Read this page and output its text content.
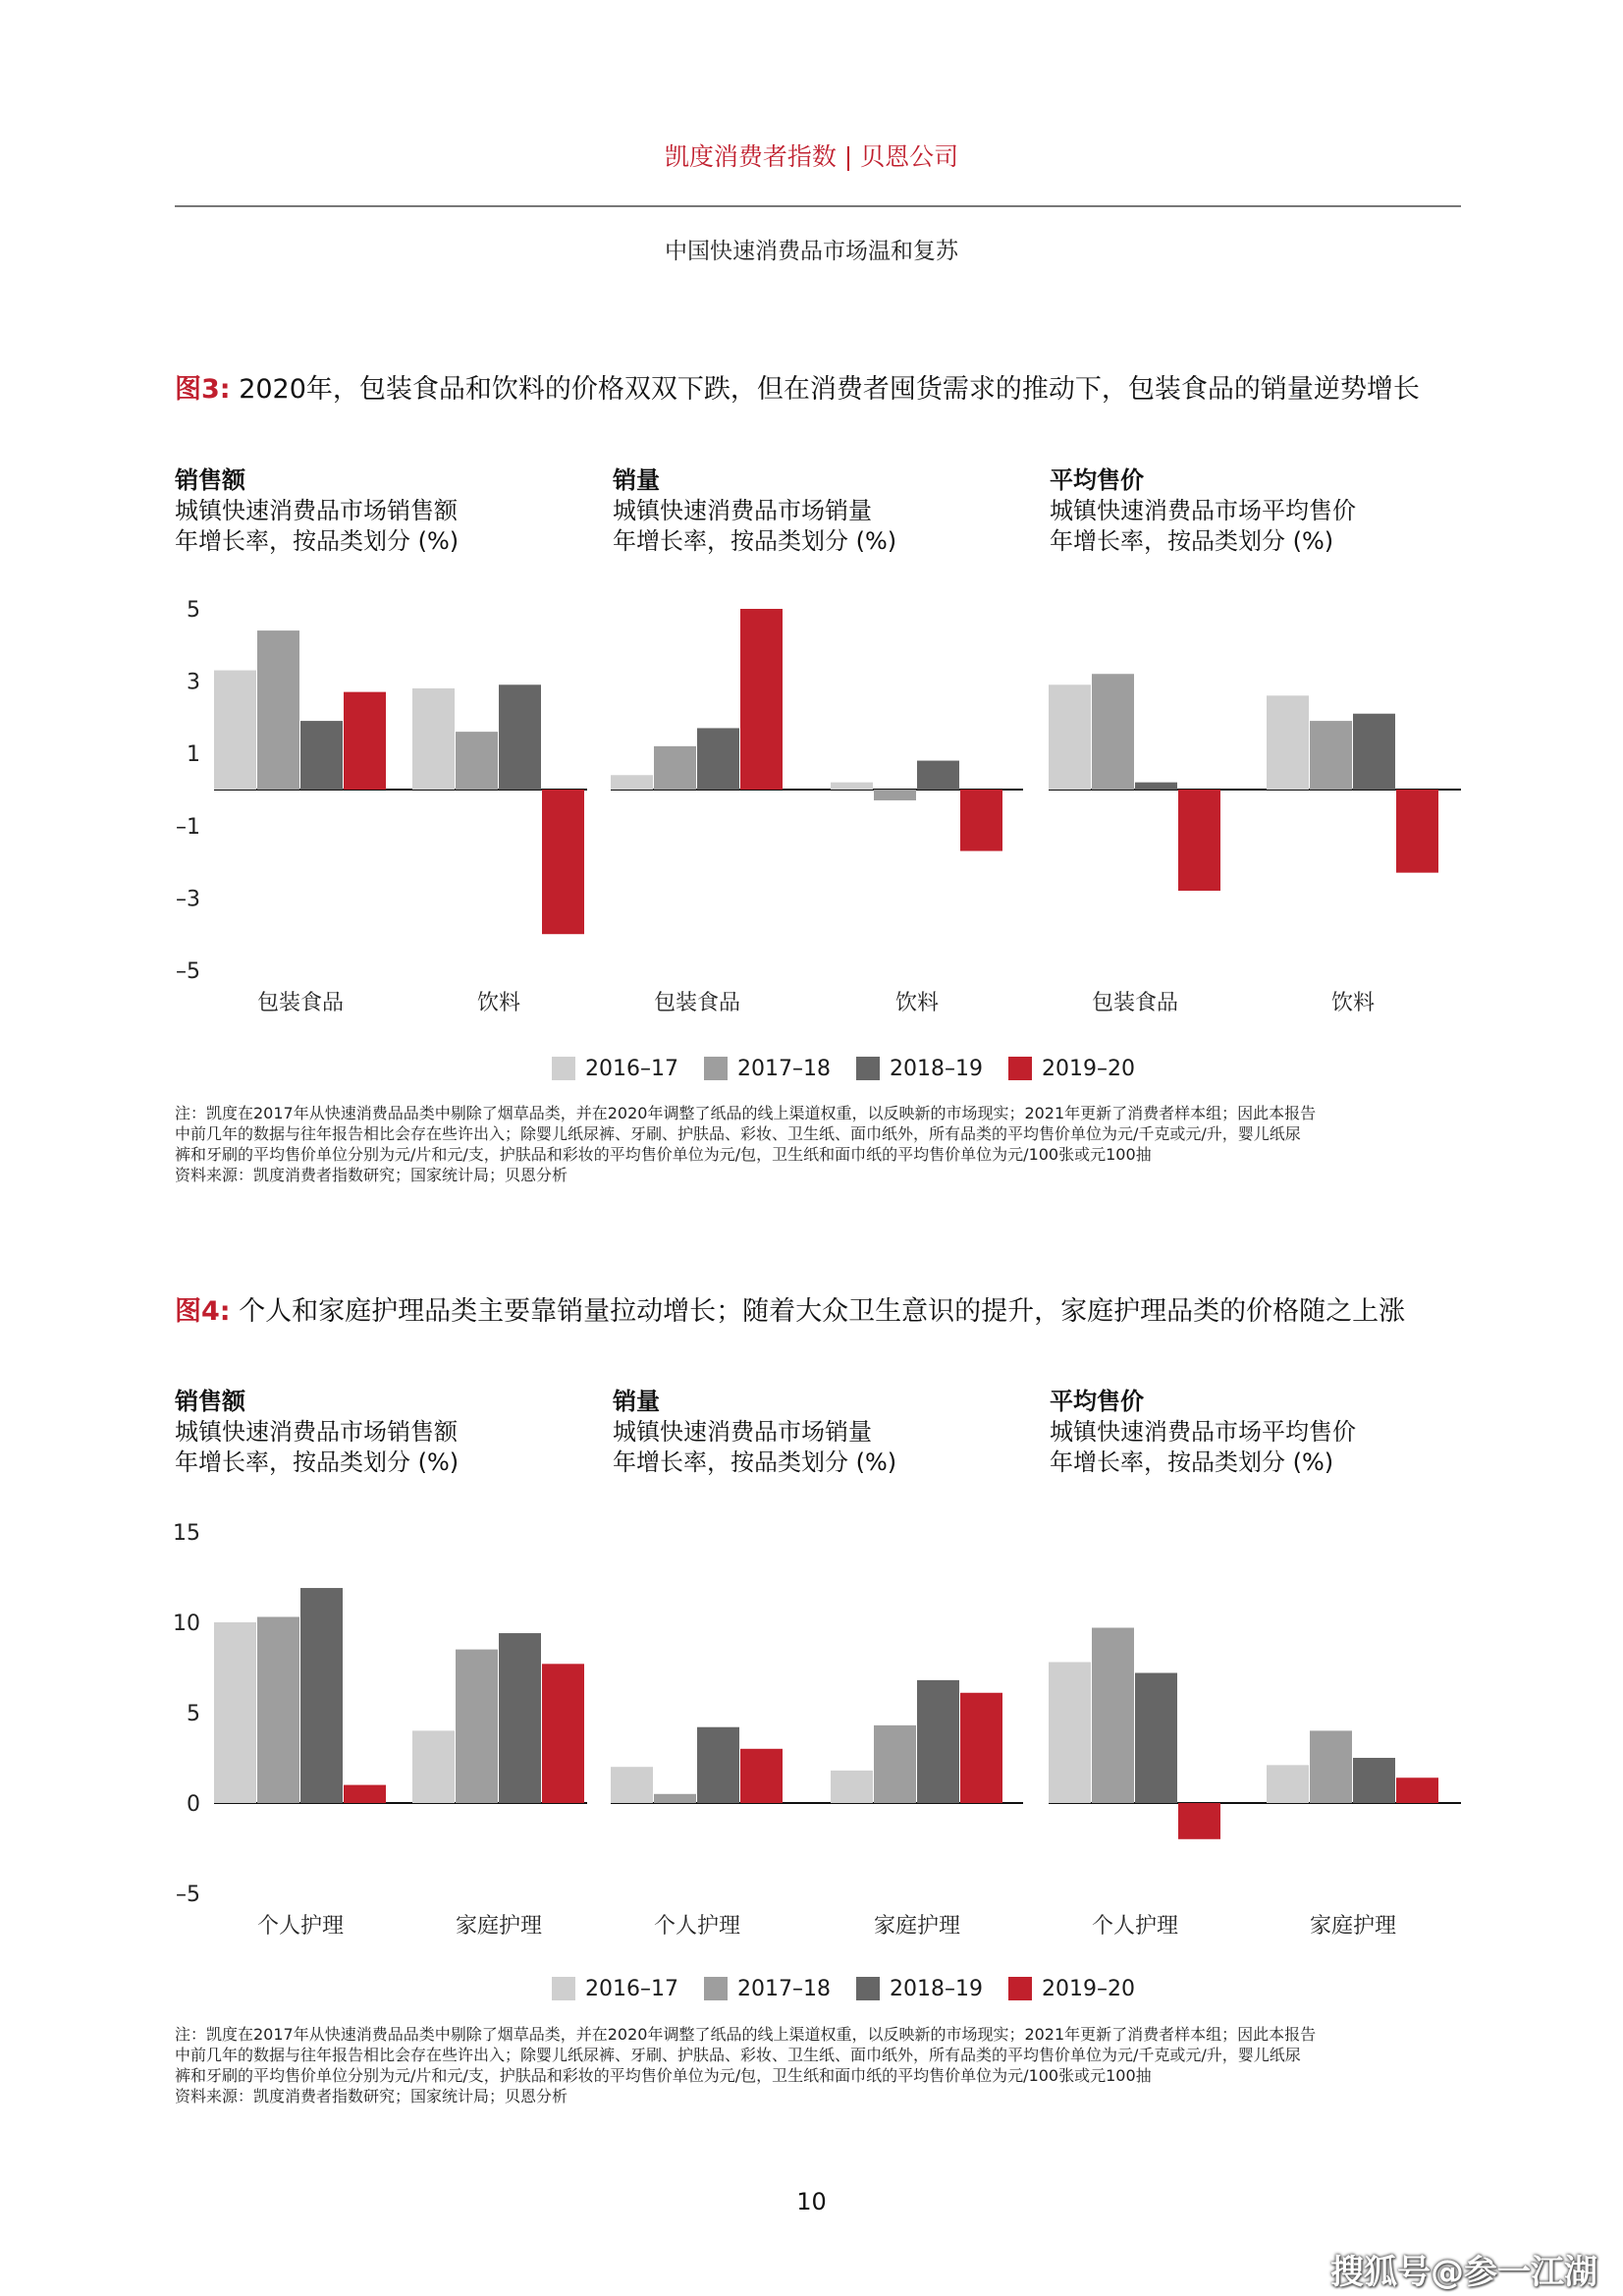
凯度消费者指数 | 贝恩公司
中国快速消费品市场温和复苏
图3: 2020年，包装食品和饮料的价格双双下跌，但在消费者囤货需求的推动下，包装食品的销量逆势增长
销售额
城镇快速消费品市场销售额
年增长率，按品类划分 (%)
销量
城镇快速消费品市场销量
年增长率，按品类划分 (%)
平均售价
城镇快速消费品市场平均售价
年增长率，按品类划分 (%)
5
3
1
–1
–3
–5
包装食品	饮料	包装食品	饮料	包装食品	饮料
2016–17	2017–18	2018–19	2019–20
注：凯度在2017年从快速消费品品类中剔除了烟草品类，并在2020年调整了纸品的线上渠道权重，以反映新的市场现实；2021年更新了消费者样本组；因此本报告
中前几年的数据与往年报告相比会存在些许出入；除婴儿纸尿裤、牙刷、护肤品、彩妆、卫生纸、面巾纸外，所有品类的平均售价单位为元/千克或元/升，婴儿纸尿
裤和牙刷的平均售价单位分别为元/片和元/支，护肤品和彩妆的平均售价单位为元/包，卫生纸和面巾纸的平均售价单位为元/100张或元100抽
资料来源：凯度消费者指数研究；国家统计局；贝恩分析
图4: 个人和家庭护理品类主要靠销量拉动增长；随着大众卫生意识的提升，家庭护理品类的价格随之上涨
销售额
城镇快速消费品市场销售额
年增长率，按品类划分 (%)
销量
城镇快速消费品市场销量
年增长率，按品类划分 (%)
平均售价
城镇快速消费品市场平均售价
年增长率，按品类划分 (%)
15
10
5
0
–5
个人护理	家庭护理	个人护理	家庭护理	个人护理	家庭护理
2016–17	2017–18	2018–19	2019–20
注：凯度在2017年从快速消费品品类中剔除了烟草品类，并在2020年调整了纸品的线上渠道权重，以反映新的市场现实；2021年更新了消费者样本组；因此本报告
中前几年的数据与往年报告相比会存在些许出入；除婴儿纸尿裤、牙刷、护肤品、彩妆、卫生纸、面巾纸外，所有品类的平均售价单位为元/千克或元/升，婴儿纸尿
裤和牙刷的平均售价单位分别为元/片和元/支，护肤品和彩妆的平均售价单位为元/包，卫生纸和面巾纸的平均售价单位为元/100张或元100抽
资料来源：凯度消费者指数研究；国家统计局；贝恩分析
10
搜狐号@参一江湖
